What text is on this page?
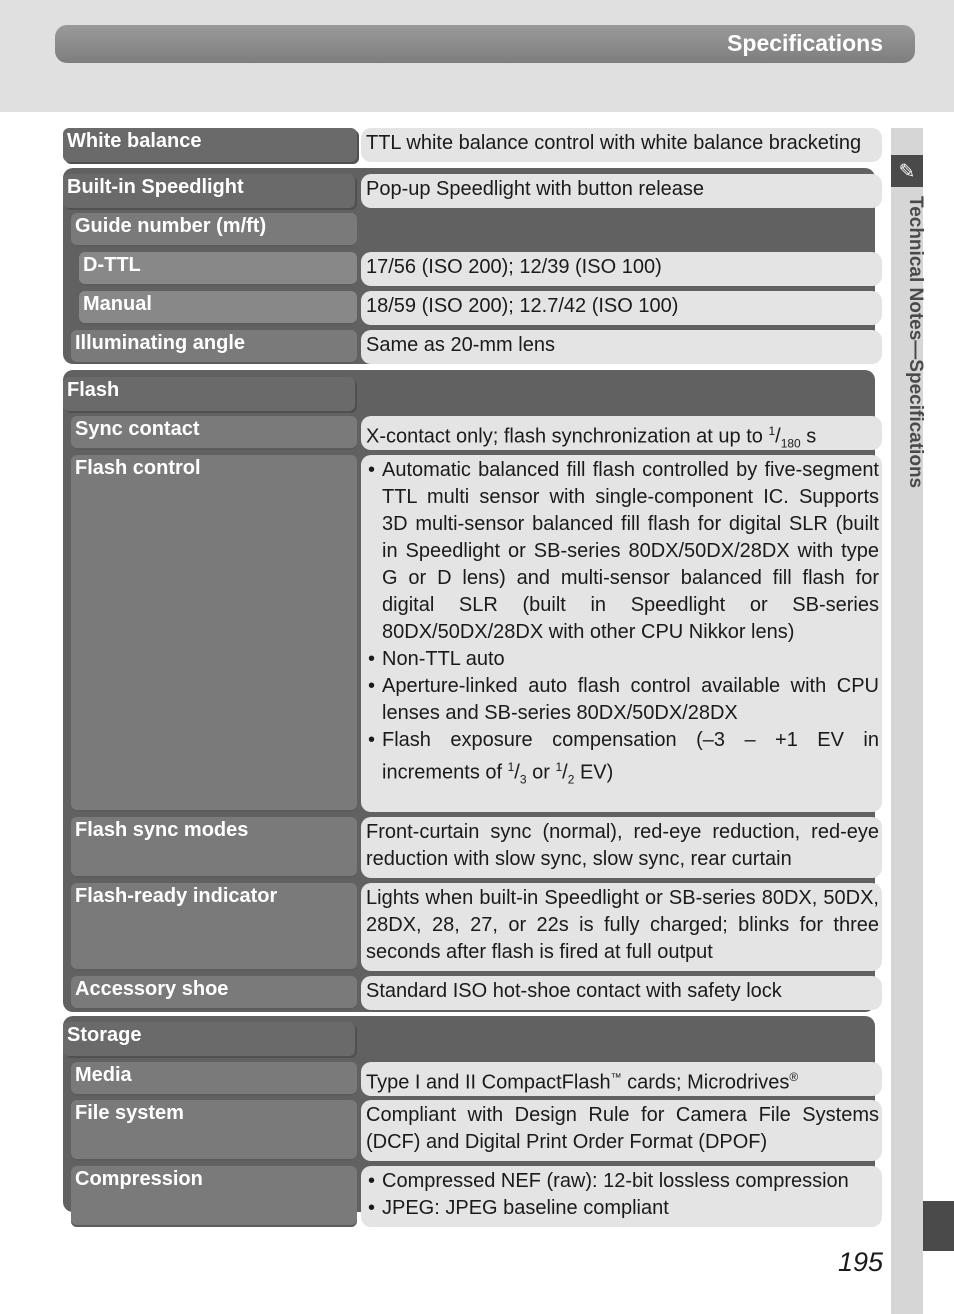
Specifications
✎
Technical Notes—Specifications
White balance	TTL white balance control with white balance bracketing
Built-in Speedlight	Pop-up Speedlight with button release
Guide number (m/ft)
D-TTL	17/56 (ISO 200); 12/39 (ISO 100)
Manual	18/59 (ISO 200); 12.7/42 (ISO 100)
Illuminating angle	Same as 20-mm lens
Flash
Sync contact	X-contact only; flash synchronization at up to $^1/_{180}$ s
Flash control	• Automatic balanced fill flash controlled by five-segment TTL multi sensor with single-component IC. Supports 3D multi-sensor balanced fill flash for digital SLR (built in Speedlight or SB-series 80DX/50DX/28DX with type G or D lens) and multi-sensor balanced fill flash for digital SLR (built in Speedlight or SB-series 80DX/50DX/28DX with other CPU Nikkor lens)
• Non-TTL auto
• Aperture-linked auto flash control available with CPU lenses and SB-series 80DX/50DX/28DX
• Flash exposure compensation (–3 – +1 EV in increments of $^1/_3$ or $^1/_2$ EV)
Flash sync modes	Front-curtain sync (normal), red-eye reduction, red-eye reduction with slow sync, slow sync, rear curtain
Flash-ready indicator	Lights when built-in Speedlight or SB-series 80DX, 50DX, 28DX, 28, 27, or 22s is fully charged; blinks for three seconds after flash is fired at full output
Accessory shoe	Standard ISO hot-shoe contact with safety lock
Storage
Media	Type I and II CompactFlash™ cards; Microdrives®
File system	Compliant with Design Rule for Camera File Systems (DCF) and Digital Print Order Format (DPOF)
Compression	• Compressed NEF (raw): 12-bit lossless compression
• JPEG: JPEG baseline compliant
195
